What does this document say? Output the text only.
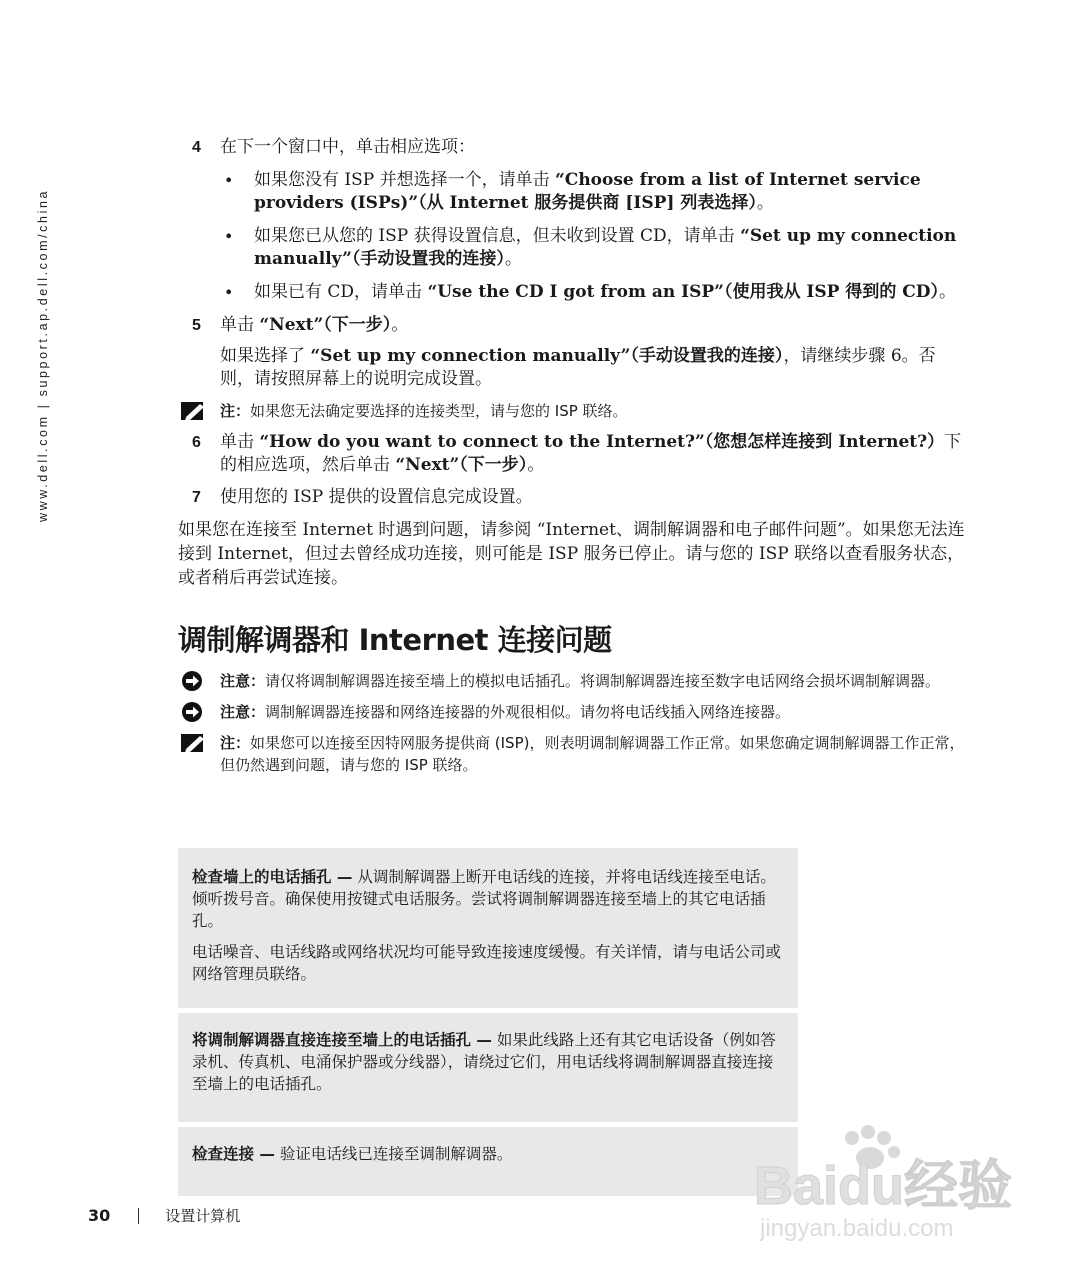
www.dell.com | support.ap.dell.com/china
4 在下一个窗口中，单击相应选项：
• 如果您没有 ISP 并想选择一个，请单击 “Choose from a list of Internet service providers (ISPs)”（从 Internet 服务提供商 [ISP] 列表选择）。
• 如果您已从您的 ISP 获得设置信息，但未收到设置 CD，请单击 “Set up my connection manually”（手动设置我的连接）。
• 如果已有 CD，请单击 “Use the CD I got from an ISP”（使用我从 ISP 得到的 CD）。
5 单击 “Next”（下一步）。
如果选择了 “Set up my connection manually”（手动设置我的连接），请继续步骤 6。否则，请按照屏幕上的说明完成设置。
注：如果您无法确定要选择的连接类型，请与您的 ISP 联络。
6 单击 “How do you want to connect to the Internet?”（您想怎样连接到 Internet?）下的相应选项，然后单击 “Next”（下一步）。
7 使用您的 ISP 提供的设置信息完成设置。
如果您在连接至 Internet 时遇到问题，请参阅 “Internet、调制解调器和电子邮件问题”。如果您无法连接到 Internet，但过去曾经成功连接，则可能是 ISP 服务已停止。请与您的 ISP 联络以查看服务状态，或者稍后再尝试连接。
调制解调器和 Internet 连接问题
注意：请仅将调制解调器连接至墙上的模拟电话插孔。将调制解调器连接至数字电话网络会损坏调制解调器。
注意：调制解调器连接器和网络连接器的外观很相似。请勿将电话线插入网络连接器。
注：如果您可以连接至因特网服务提供商 (ISP)，则表明调制解调器工作正常。如果您确定调制解调器工作正常，但仍然遇到问题，请与您的 ISP 联络。

检查墙上的电话插孔 — 从调制解调器上断开电话线的连接，并将电话线连接至电话。倾听拨号音。确保使用按键式电话服务。尝试将调制解调器连接至墙上的其它电话插孔。

电话噪音、电话线路或网络状况均可能导致连接速度缓慢。有关详情，请与电话公司或网络管理员联络。

将调制解调器直接连接至墙上的电话插孔 — 如果此线路上还有其它电话设备（例如答录机、传真机、电涌保护器或分线器），请绕过它们，用电话线将调制解调器直接连接至墙上的电话插孔。

检查连接 — 验证电话线已连接至调制解调器。

30	设置计算机	Baidu经验
jingyan.baidu.com
